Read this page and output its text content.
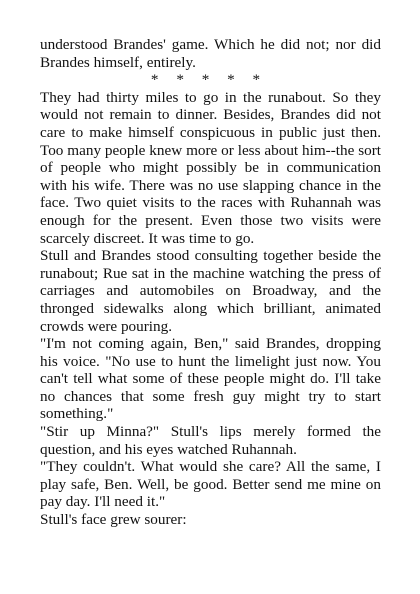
understood Brandes' game. Which he did not; nor did Brandes himself, entirely.

* * * * *

They had thirty miles to go in the runabout. So they would not remain to dinner. Besides, Brandes did not care to make himself conspicuous in public just then. Too many people knew more or less about him--the sort of people who might possibly be in communication with his wife. There was no use slapping chance in the face. Two quiet visits to the races with Ruhannah was enough for the present. Even those two visits were scarcely discreet. It was time to go.

Stull and Brandes stood consulting together beside the runabout; Rue sat in the machine watching the press of carriages and automobiles on Broadway, and the thronged sidewalks along which brilliant, animated crowds were pouring.

"I'm not coming again, Ben," said Brandes, dropping his voice. "No use to hunt the limelight just now. You can't tell what some of these people might do. I'll take no chances that some fresh guy might try to start something."

"Stir up Minna?" Stull's lips merely formed the question, and his eyes watched Ruhannah.

"They couldn't. What would she care? All the same, I play safe, Ben. Well, be good. Better send me mine on pay day. I'll need it."

Stull's face grew sourer:
